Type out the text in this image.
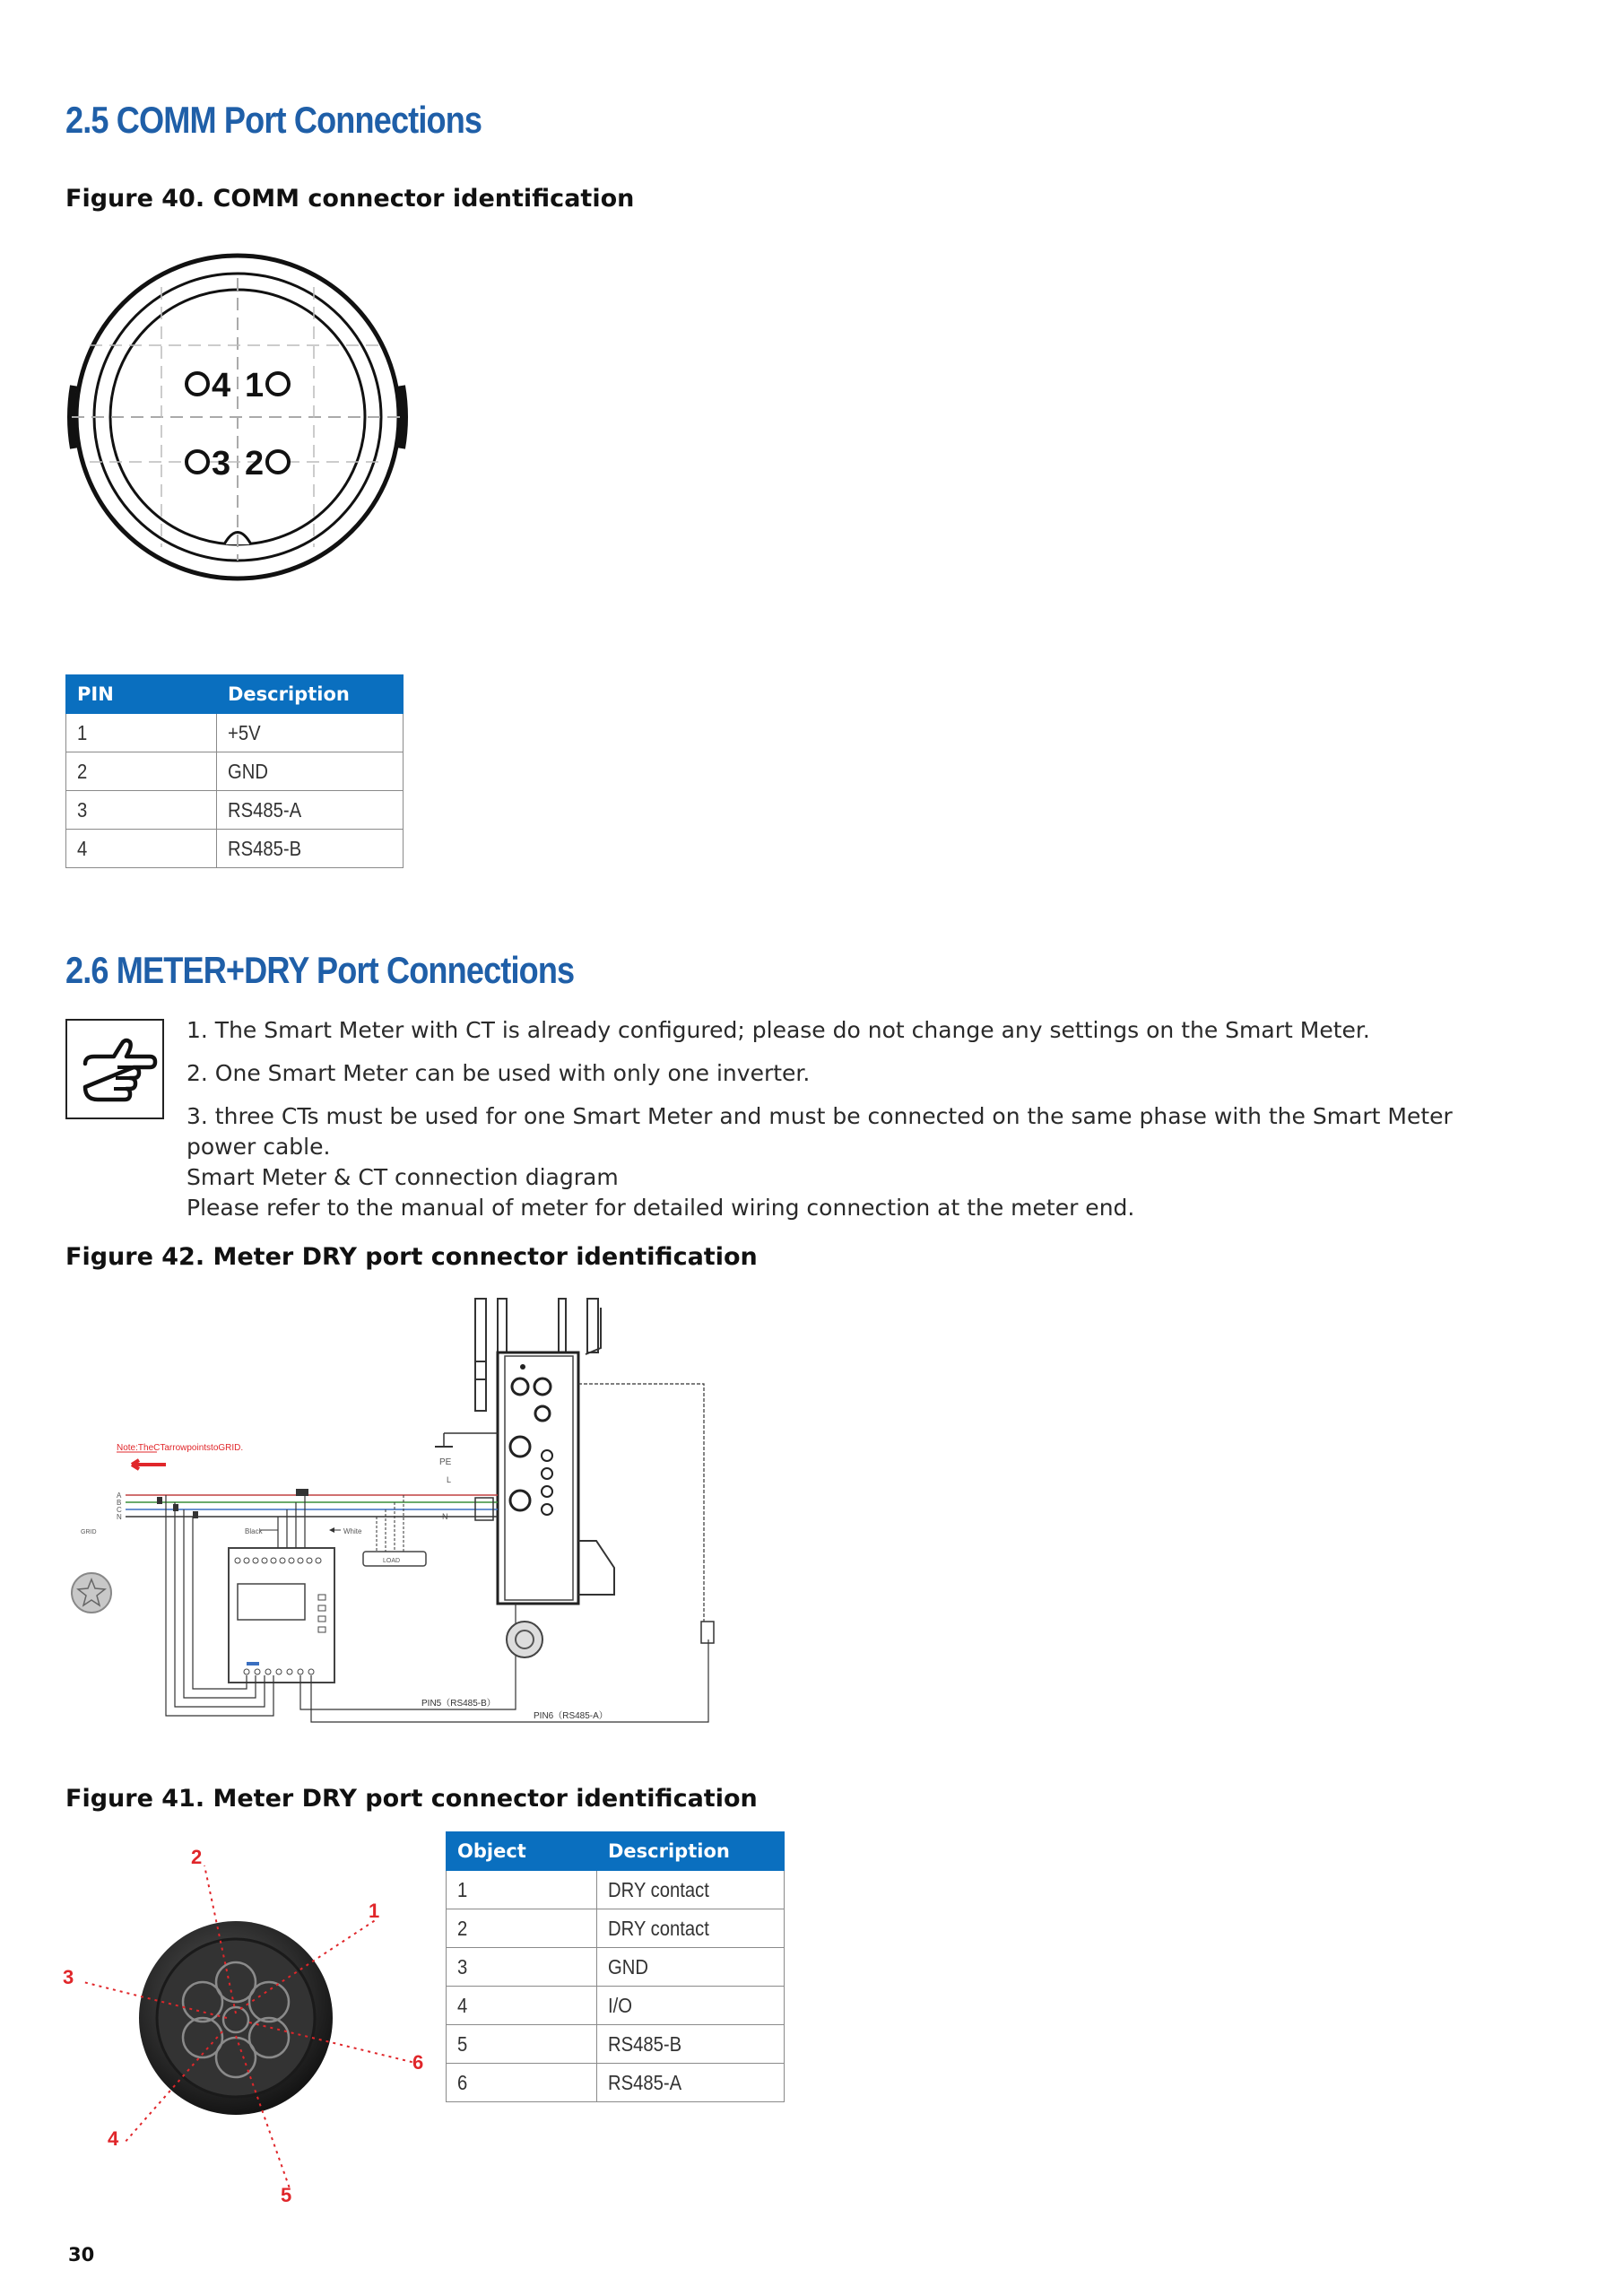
2.5 COMM Port Connections
Figure 40. COMM connector identification
4 1
3 2
PIN	Description
1	+5V
2	GND
3	RS485-A
4	RS485-B
2.6 METER+DRY Port Connections

1. The Smart Meter with CT is already configured; please do not change any settings on the Smart Meter.

2. One Smart Meter can be used with only one inverter.

3. three CTs must be used for one Smart Meter and must be connected on the same phase with the Smart Meter power cable.

Smart Meter & CT connection diagram

Please refer to the manual of meter for detailed wiring connection at the meter end.

Figure 42. Meter DRY port connector identification
PE
L
N
Note:TheCTarrowpointstoGRID.
A
B
C
N
GRID	Black	White
LOAD
PIN5（RS485-B）
PIN6（RS485-A）
Figure 41. Meter DRY port connector identification
1
2
3
4
5
6
Object	Description
1	DRY contact
2	DRY contact
3	GND
4	I/O
5	RS485-B
6	RS485-A
30
